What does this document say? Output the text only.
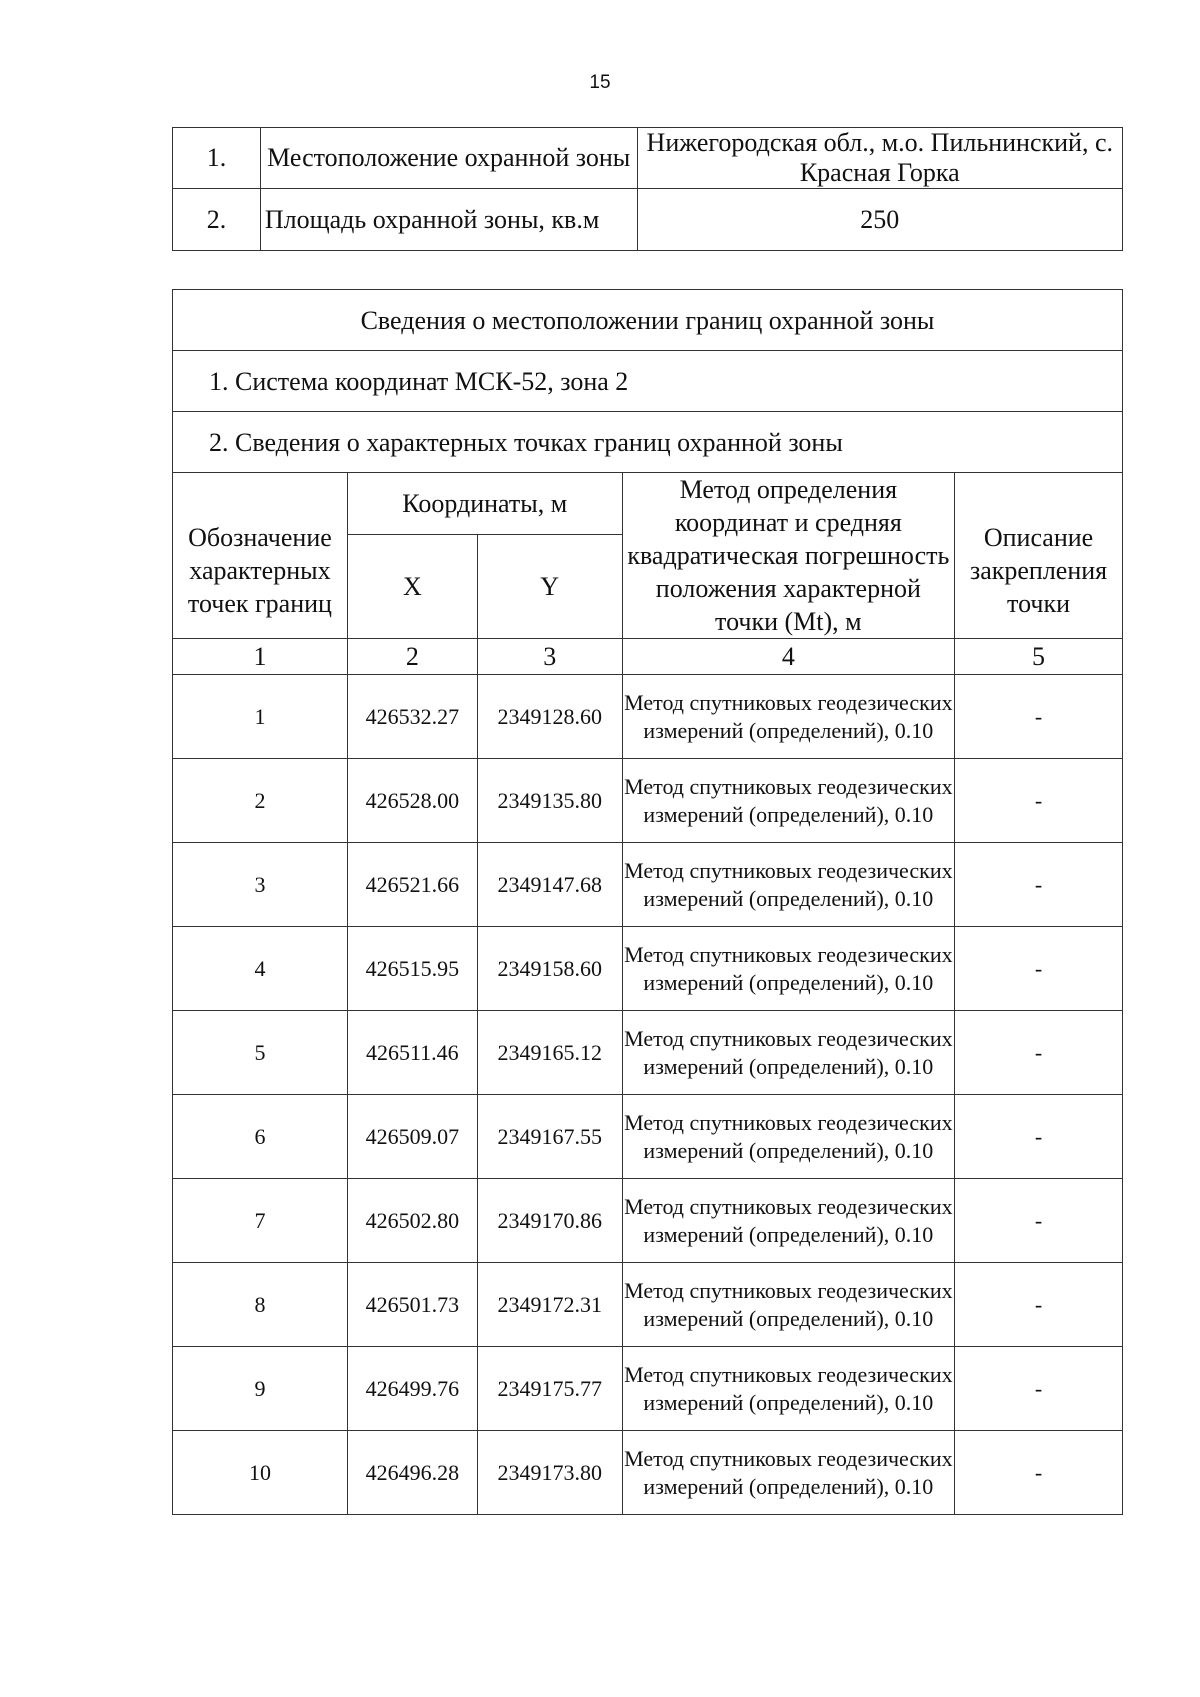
15
1.	Местоположение охранной зоны	Нижегородская обл., м.о. Пильнинский, с. Красная Горка
2.	Площадь охранной зоны, кв.м	250
Сведения о местоположении границ охранной зоны				
1. Система координат МСК-52, зона 2				
2. Сведения о характерных точках границ охранной зоны				
Обозначение характерных точек границ	Координаты, м		Метод определения координат и средняя квадратическая погрешность положения характерной точки (Mt), м	Описание закрепления точки
	X	Y		
1	2	3	4	5
1	426532.27	2349128.60	Метод спутниковых геодезических измерений (определений), 0.10	-
2	426528.00	2349135.80	Метод спутниковых геодезических измерений (определений), 0.10	-
3	426521.66	2349147.68	Метод спутниковых геодезических измерений (определений), 0.10	-
4	426515.95	2349158.60	Метод спутниковых геодезических измерений (определений), 0.10	-
5	426511.46	2349165.12	Метод спутниковых геодезических измерений (определений), 0.10	-
6	426509.07	2349167.55	Метод спутниковых геодезических измерений (определений), 0.10	-
7	426502.80	2349170.86	Метод спутниковых геодезических измерений (определений), 0.10	-
8	426501.73	2349172.31	Метод спутниковых геодезических измерений (определений), 0.10	-
9	426499.76	2349175.77	Метод спутниковых геодезических измерений (определений), 0.10	-
10	426496.28	2349173.80	Метод спутниковых геодезических измерений (определений), 0.10	-
